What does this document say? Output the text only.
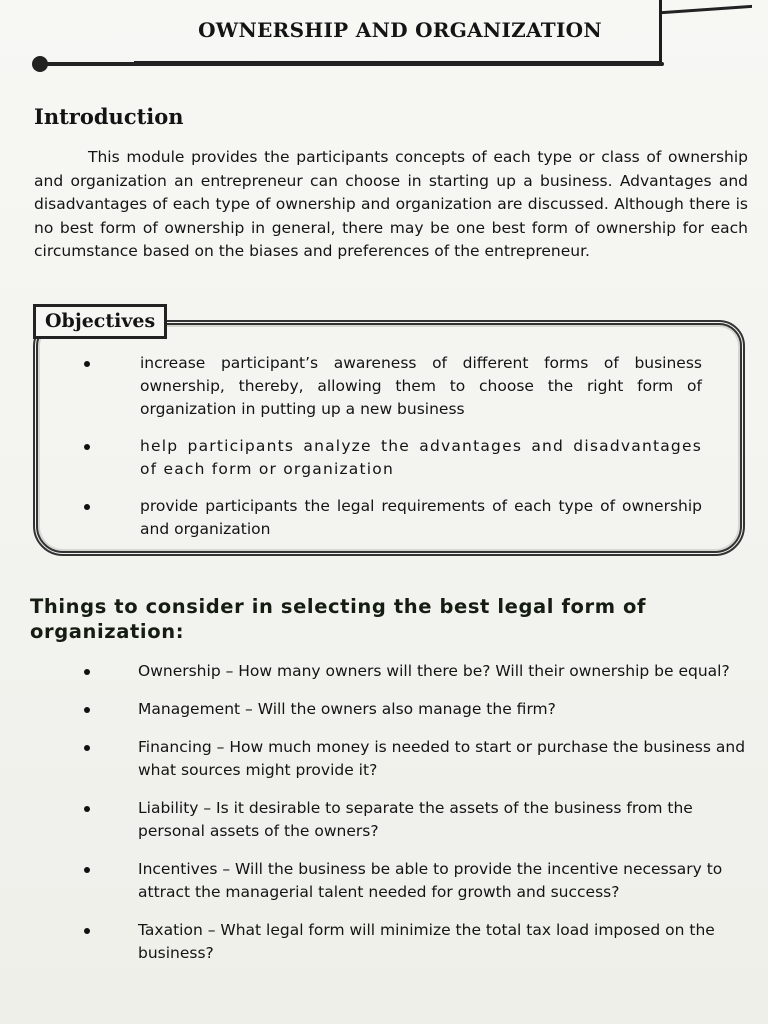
OWNERSHIP AND ORGANIZATION
Introduction
This module provides the participants concepts of each type or class of ownership and organization an entrepreneur can choose in starting up a business. Advantages and disadvantages of each type of ownership and organization are discussed. Although there is no best form of ownership in general, there may be one best form of ownership for each circumstance based on the biases and preferences of the entrepreneur.
Objectives
increase participant’s awareness of different forms of business ownership, thereby, allowing them to choose the right form of organization in putting up a new business
help participants analyze the advantages and disadvantages of each form or organization
provide participants the legal requirements of each type of ownership and organization
Things to consider in selecting the best legal form of organization:
Ownership – How many owners will there be? Will their ownership be equal?
Management – Will the owners also manage the firm?
Financing – How much money is needed to start or purchase the business and what sources might provide it?
Liability – Is it desirable to separate the assets of the business from the personal assets of the owners?
Incentives – Will the business be able to provide the incentive necessary to attract the managerial talent needed for growth and success?
Taxation – What legal form will minimize the total tax load imposed on the business?
